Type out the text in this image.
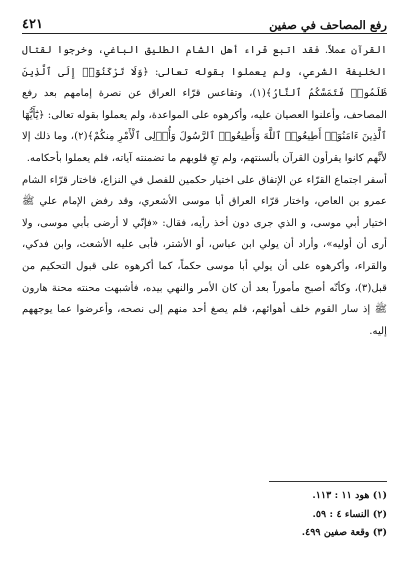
رفع المصاحف في صفين
٤٢١

القرآن عملاً. فقد اتبع قراء أهل الشام الطليق الباغي، وخرجوا لقتال الخليفة الشرعي، ولم يعملوا بقوله تعالى: ﴿وَلَا تَرْكَنُوٓا۟ إِلَى ٱلَّذِينَ ظَلَمُوا۟ فَتَمَسَّكُمُ ٱلنَّارُ﴾(١)، وتقاعس قرّاء العراق عن نصرة إمامهم بعد رفع المصاحف، وأعلنوا العصيان عليه، وأكرهوه على المواعدة، ولم يعملوا بقوله تعالى: ﴿يَٰٓأَيُّهَا ٱلَّذِينَ ءَامَنُوٓا۟ أَطِيعُوا۟ ٱللَّهَ وَأَطِيعُوا۟ ٱلرَّسُولَ وَأُو۟لِى ٱلْأَمْرِ مِنكُمْ﴾(٢)، وما ذلك إلا لأنَّهم كانوا يقرأون القرآن بألسنتهم، ولم تعِ قلوبهم ما تضمنته آياته، فلم يعملوا بأحكامه.

أسفر اجتماع القرّاء عن الإتفاق على اختيار حكمين للفصل في النزاع، فاختار قرّاء الشام عمرو بن العاص، واختار قرّاء العراق أبا موسى الأشعري، وقد رفض الإمام علي ﷺ اختيار أبي موسى، و الذي جرى دون أخذ رأيه، فقال: «فإنّي لا أرضى بأبي موسى، ولا أرى أن أوليه»، وأراد أن يولي ابن عباس، أو الأشتر، فأبى عليه الأشعث، وابن فدكي، والقراء، وأكرهوه على أن يولي أبا موسى حكماً، كما أكرهوه على قبول التحكيم من قبل(٣)، وكأنّه أصبح مأموراً بعد أن كان الأمر والنهي بيده، فأشبهت محنته محنة هارون ﷺ إذ سار القوم خلف أهوائهم، فلم يصغ أحد منهم إلى نصحه، وأعرضوا عما يوجههم إليه.

(١) هود ١١ : ١١٣.
(٢) النساء ٤ : ٥٩.
(٣) وقعة صفين ٤٩٩.
